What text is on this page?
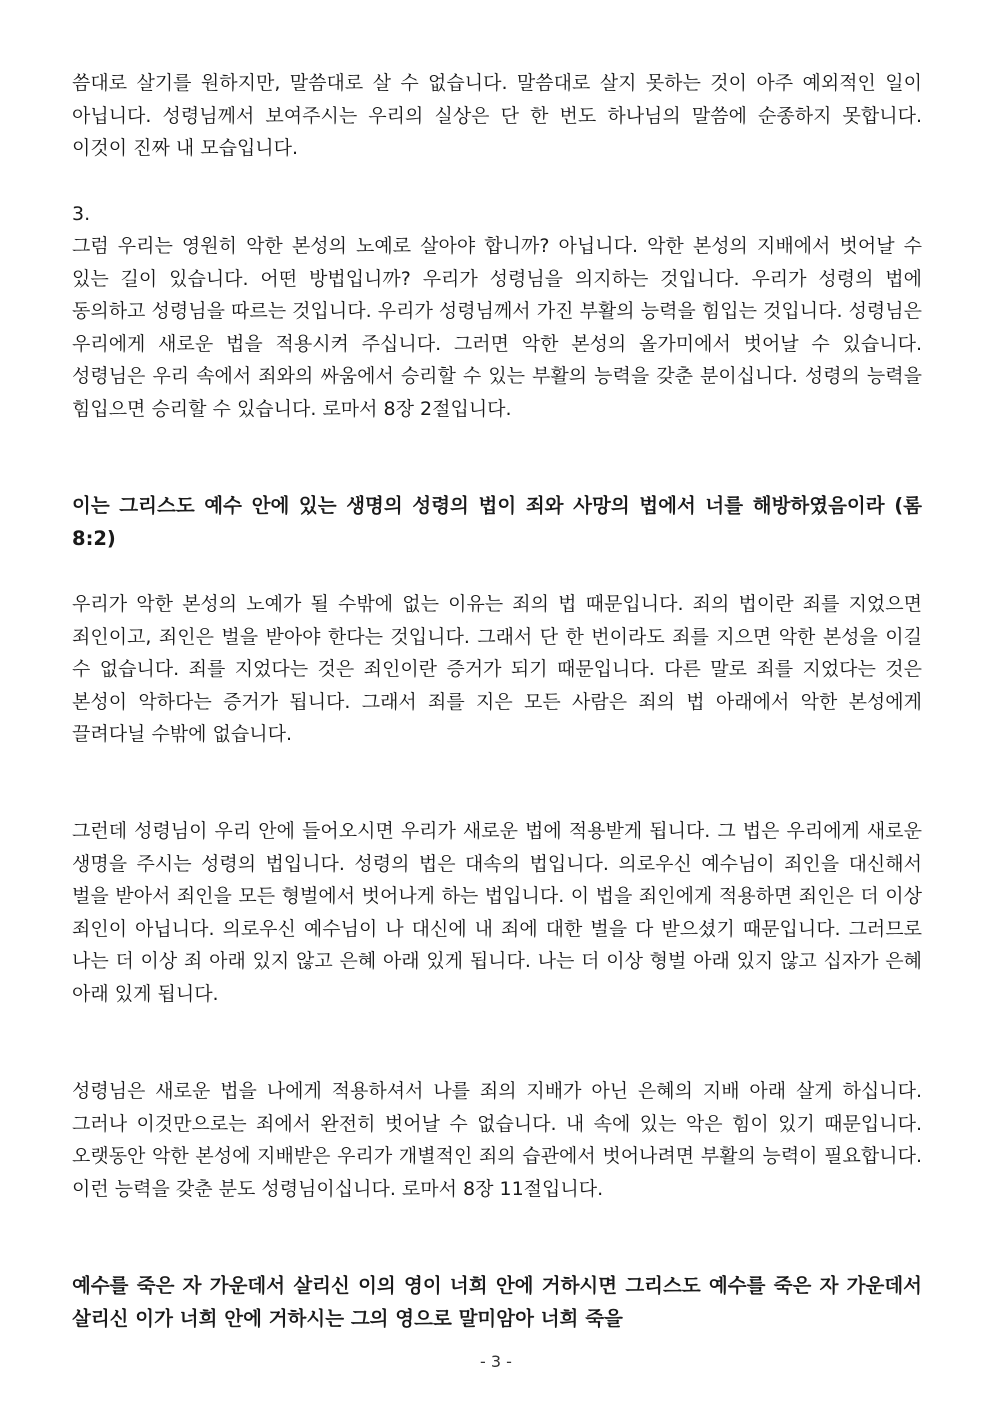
씀대로 살기를 원하지만, 말씀대로 살 수 없습니다. 말씀대로 살지 못하는 것이 아주 예외적인 일이 아닙니다. 성령님께서 보여주시는 우리의 실상은 단 한 번도 하나님의 말씀에 순종하지 못합니다. 이것이 진짜 내 모습입니다.

3.

그럼 우리는 영원히 악한 본성의 노예로 살아야 합니까? 아닙니다. 악한 본성의 지배에서 벗어날 수 있는 길이 있습니다. 어떤 방법입니까? 우리가 성령님을 의지하는 것입니다. 우리가 성령의 법에 동의하고 성령님을 따르는 것입니다. 우리가 성령님께서 가진 부활의 능력을 힘입는 것입니다. 성령님은 우리에게 새로운 법을 적용시켜 주십니다. 그러면 악한 본성의 올가미에서 벗어날 수 있습니다. 성령님은 우리 속에서 죄와의 싸움에서 승리할 수 있는 부활의 능력을 갖춘 분이십니다. 성령의 능력을 힘입으면 승리할 수 있습니다. 로마서 8장 2절입니다.

이는 그리스도 예수 안에 있는 생명의 성령의 법이 죄와 사망의 법에서 너를 해방하였음이라 (롬 8:2)

우리가 악한 본성의 노예가 될 수밖에 없는 이유는 죄의 법 때문입니다. 죄의 법이란 죄를 지었으면 죄인이고, 죄인은 벌을 받아야 한다는 것입니다. 그래서 단 한 번이라도 죄를 지으면 악한 본성을 이길 수 없습니다. 죄를 지었다는 것은 죄인이란 증거가 되기 때문입니다. 다른 말로 죄를 지었다는 것은 본성이 악하다는 증거가 됩니다. 그래서 죄를 지은 모든 사람은 죄의 법 아래에서 악한 본성에게 끌려다닐 수밖에 없습니다.

그런데 성령님이 우리 안에 들어오시면 우리가 새로운 법에 적용받게 됩니다. 그 법은 우리에게 새로운 생명을 주시는 성령의 법입니다. 성령의 법은 대속의 법입니다. 의로우신 예수님이 죄인을 대신해서 벌을 받아서 죄인을 모든 형벌에서 벗어나게 하는 법입니다. 이 법을 죄인에게 적용하면 죄인은 더 이상 죄인이 아닙니다. 의로우신 예수님이 나 대신에 내 죄에 대한 벌을 다 받으셨기 때문입니다. 그러므로 나는 더 이상 죄 아래 있지 않고 은혜 아래 있게 됩니다. 나는 더 이상 형벌 아래 있지 않고 십자가 은혜 아래 있게 됩니다.

성령님은 새로운 법을 나에게 적용하셔서 나를 죄의 지배가 아닌 은혜의 지배 아래 살게 하십니다. 그러나 이것만으로는 죄에서 완전히 벗어날 수 없습니다. 내 속에 있는 악은 힘이 있기 때문입니다. 오랫동안 악한 본성에 지배받은 우리가 개별적인 죄의 습관에서 벗어나려면 부활의 능력이 필요합니다. 이런 능력을 갖춘 분도 성령님이십니다. 로마서 8장 11절입니다.

예수를 죽은 자 가운데서 살리신 이의 영이 너희 안에 거하시면 그리스도 예수를 죽은 자 가운데서 살리신 이가 너희 안에 거하시는 그의 영으로 말미암아 너희 죽을

- 3 -
